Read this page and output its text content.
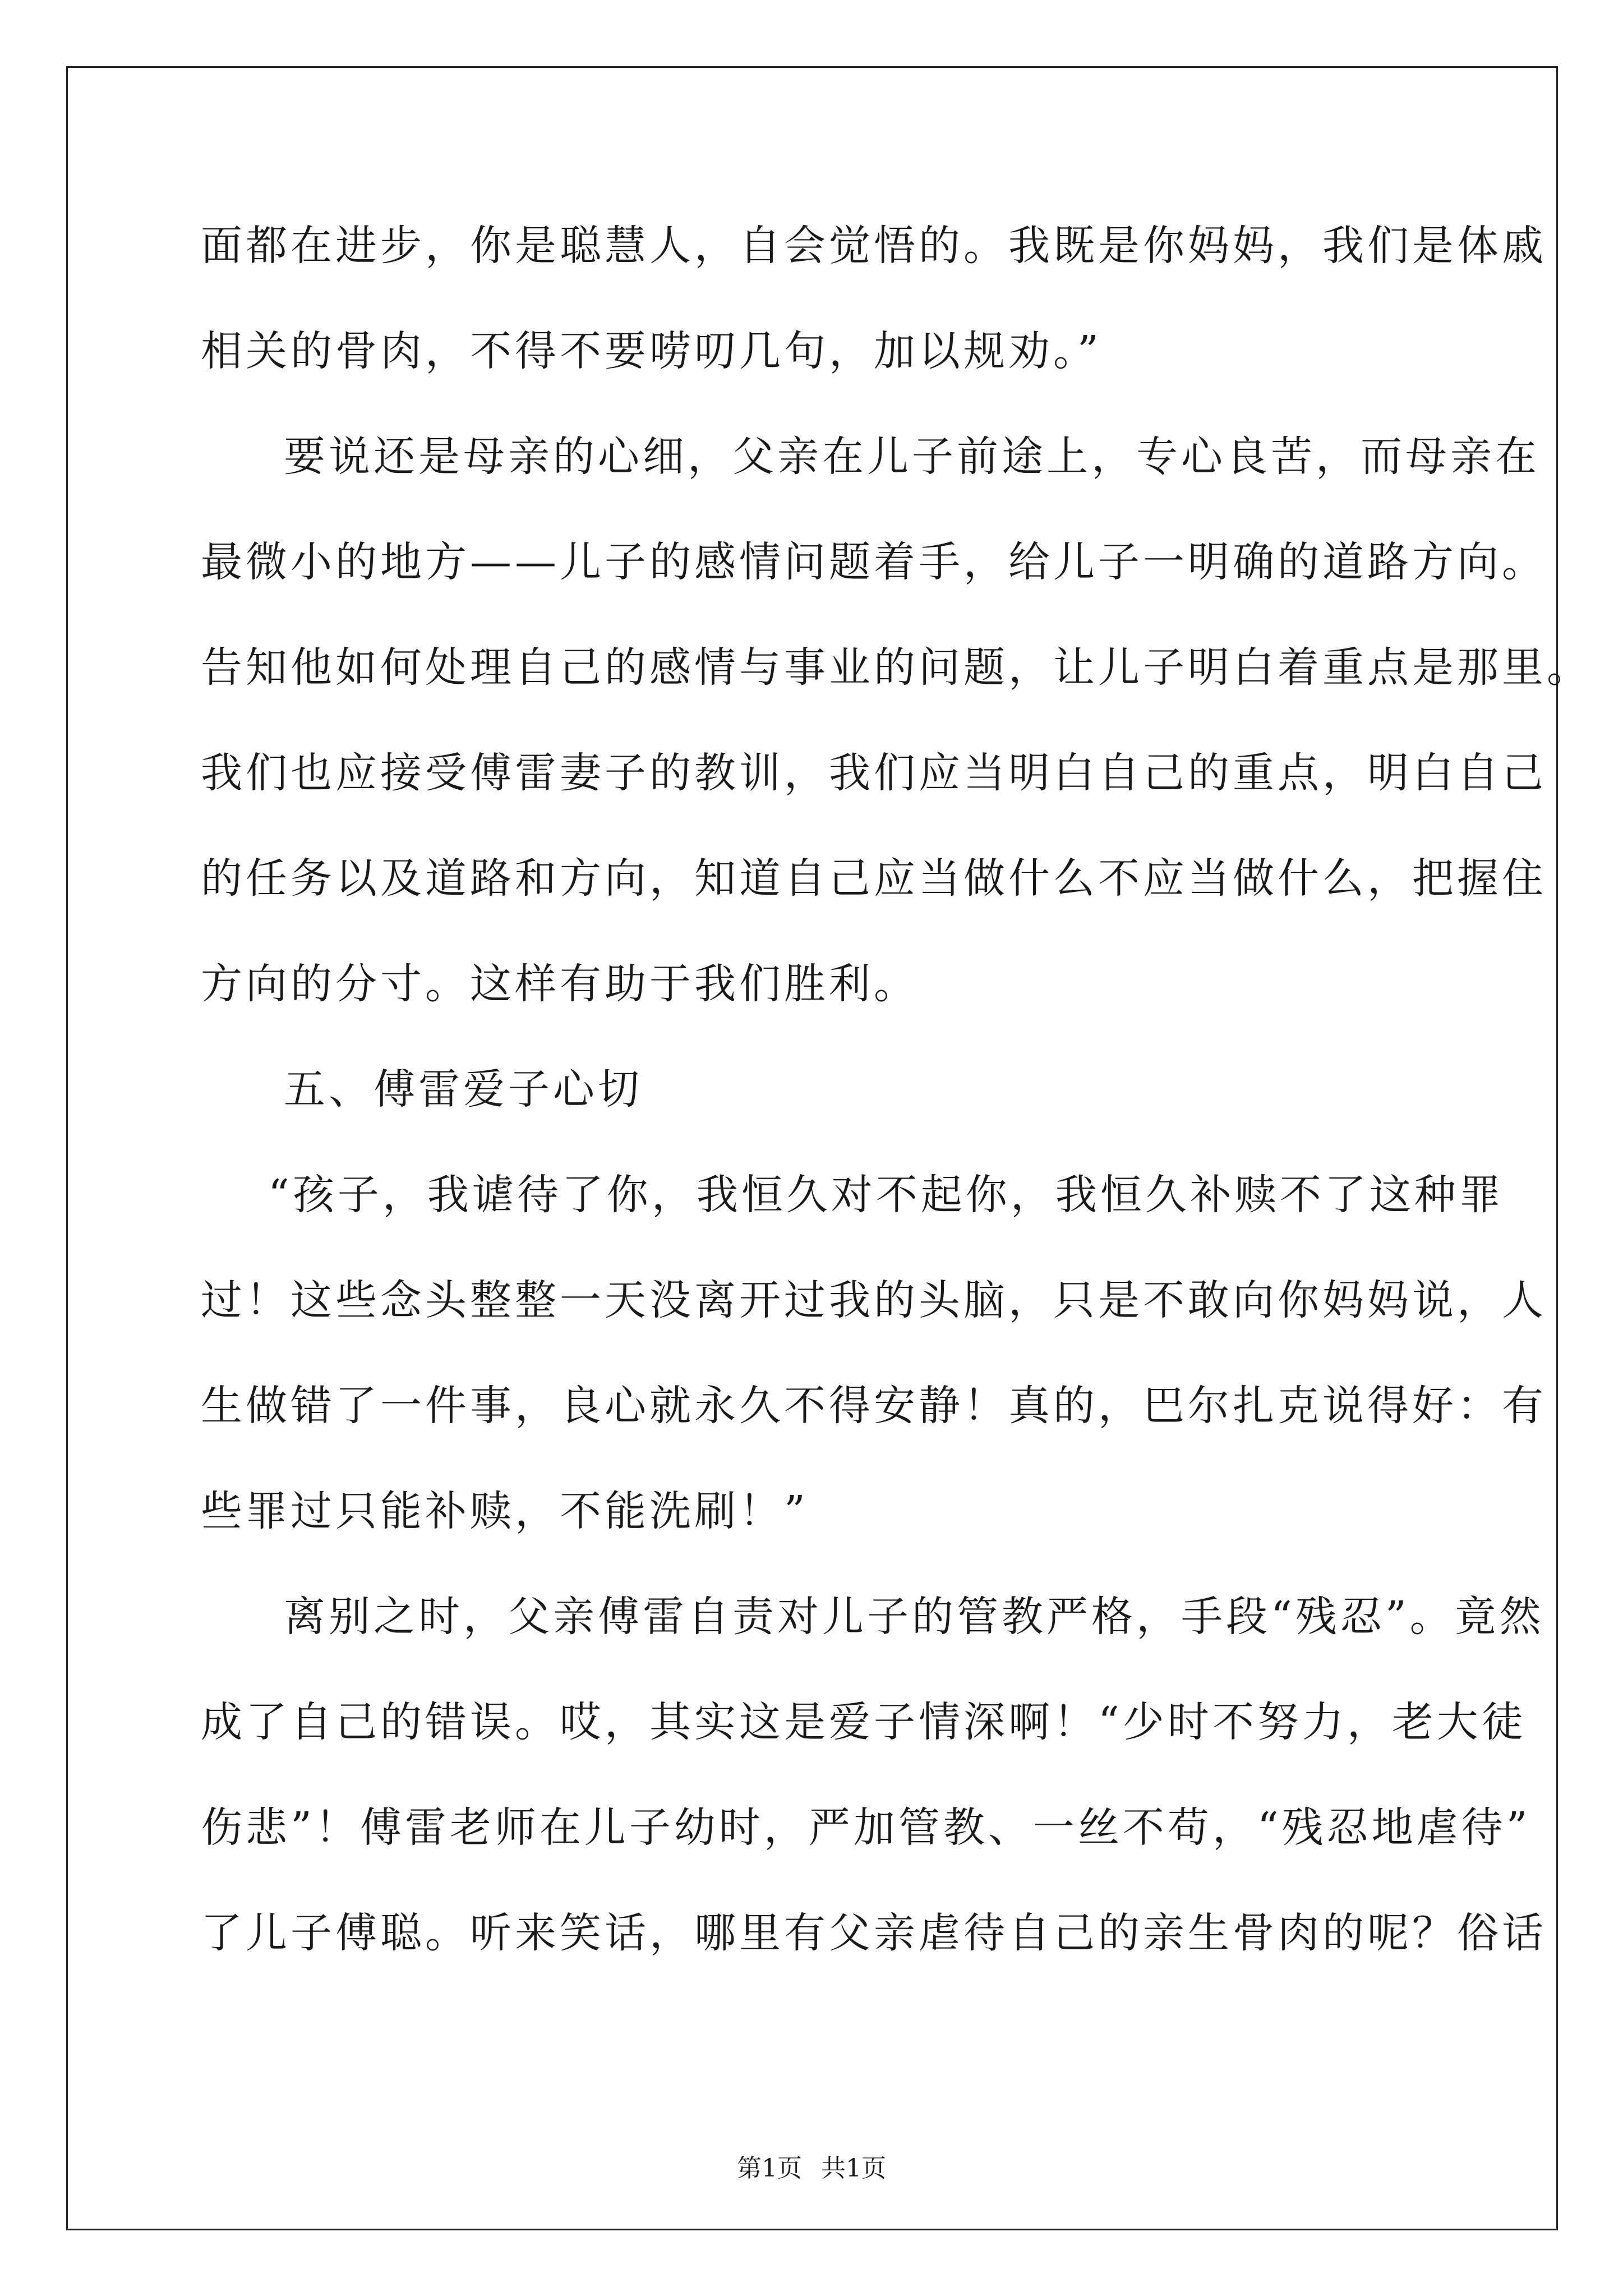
面都在进步，你是聪慧人，自会觉悟的。我既是你妈妈，我们是体戚
相关的骨肉，不得不要唠叨几句，加以规劝。”
要说还是母亲的心细，父亲在儿子前途上，专心良苦，而母亲在
最微小的地方——儿子的感情问题着手，给儿子一明确的道路方向。
告知他如何处理自己的感情与事业的问题，让儿子明白着重点是那里。
我们也应接受傅雷妻子的教训，我们应当明白自己的重点，明白自己
的任务以及道路和方向，知道自己应当做什么不应当做什么，把握住
方向的分寸。这样有助于我们胜利。
五、傅雷爱子心切
“孩子，我谑待了你，我恒久对不起你，我恒久补赎不了这种罪
过！这些念头整整一天没离开过我的头脑，只是不敢向你妈妈说，人
生做错了一件事，良心就永久不得安静！真的，巴尔扎克说得好：有
些罪过只能补赎，不能洗刷！”
离别之时，父亲傅雷自责对儿子的管教严格，手段“残忍”。竟然
成了自己的错误。哎，其实这是爱子情深啊！“少时不努力，老大徒
伤悲”！傅雷老师在儿子幼时，严加管教、一丝不苟，“残忍地虐待”
了儿子傅聪。听来笑话，哪里有父亲虐待自己的亲生骨肉的呢？俗话
第1页 共1页
